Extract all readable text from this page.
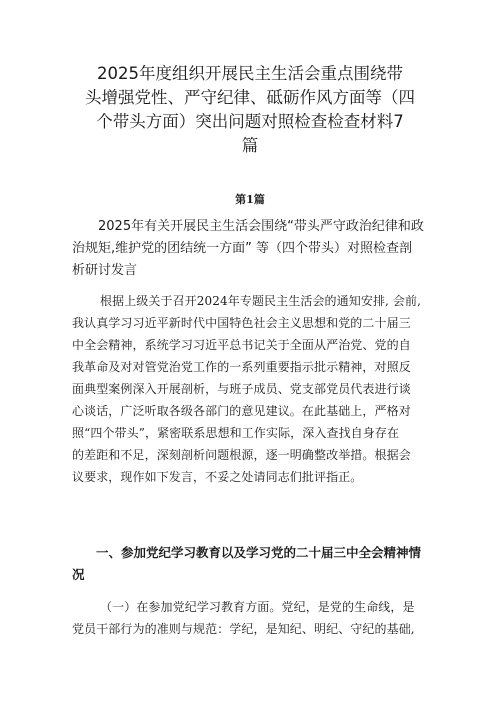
2025年度组织开展民主生活会重点围绕带
头增强党性、严守纪律、砥砺作风方面等（四
个带头方面）突出问题对照检查检查材料7
篇
第1篇
2025年有关开展民主生活会围绕“带头严守政治纪律和政
治规矩,维护党的团结统一方面” 等（四个带头）对照检查剖
析研讨发言
根据上级关于召开2024年专题民主生活会的通知安排, 会前,
我认真学习习近平新时代中国特色社会主义思想和党的二十届三
中全会精神，系统学习习近平总书记关于全面从严治党、党的自
我革命及对对管党治党工作的一系列重要指示批示精神，对照反
面典型案例深入开展剖析，与班子成员、党支部党员代表进行谈
心谈话，广泛听取各级各部门的意见建议。在此基础上，严格对
照“四个带头”，紧密联系思想和工作实际，深入查找自身存在
的差距和不足，深刻剖析问题根源，逐一明确整改举措。根据会
议要求，现作如下发言，不妥之处请同志们批评指正。
一、参加党纪学习教育以及学习党的二十届三中全会精神情
况
（一）在参加党纪学习教育方面。党纪，是党的生命线，是
党员干部行为的准则与规范：学纪，是知纪、明纪、守纪的基础,
